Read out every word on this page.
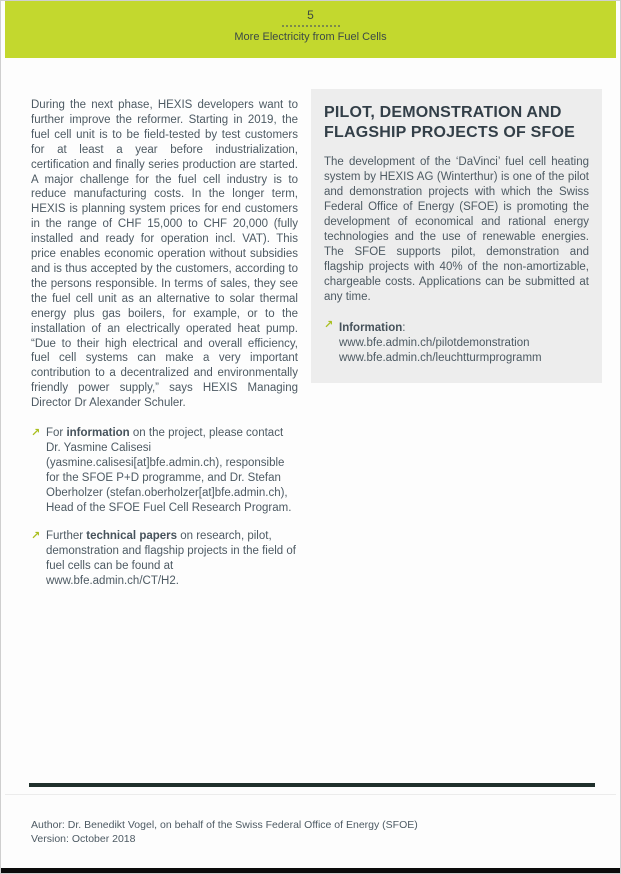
5
More Electricity from Fuel Cells

During the next phase, HEXIS developers want to further improve the reformer. Starting in 2019, the fuel cell unit is to be field-tested by test customers for at least a year before industrialization, certification and finally series production are started. A major challenge for the fuel cell industry is to reduce manufacturing costs. In the longer term, HEXIS is planning system prices for end customers in the range of CHF 15,000 to CHF 20,000 (fully installed and ready for operation incl. VAT). This price enables economic operation without subsidies and is thus accepted by the customers, according to the persons responsible. In terms of sales, they see the fuel cell unit as an alternative to solar thermal energy plus gas boilers, for example, or to the installation of an electrically operated heat pump. “Due to their high electrical and overall efficiency, fuel cell systems can make a very important contribution to a decentralized and environmentally friendly power supply,” says HEXIS Managing Director Dr Alexander Schuler.

↗ For information on the project, please contact
Dr. Yasmine Calisesi (yasmine.calisesi[at]bfe.admin.ch), responsible for the SFOE P+D programme, and Dr. Stefan Oberholzer (stefan.oberholzer[at]bfe.admin.ch), Head of the SFOE Fuel Cell Research Program.
↗ Further technical papers on research, pilot, demonstration and flagship projects in the field of fuel cells can be found at www.bfe.admin.ch/CT/H2.
PILOT, DEMONSTRATION AND
FLAGSHIP PROJECTS OF SFOE

The development of the ‘DaVinci’ fuel cell heating system by HEXIS AG (Winterthur) is one of the pilot and demonstration projects with which the Swiss Federal Office of Energy (SFOE) is promoting the development of economical and rational energy technologies and the use of renewable energies. The SFOE supports pilot, demonstration and flagship projects with 40% of the non-amortizable, chargeable costs. Applications can be submitted at any time.

↗ Information:
www.bfe.admin.ch/pilotdemonstration
www.bfe.admin.ch/leuchtturmprogramm
Author: Dr. Benedikt Vogel, on behalf of the Swiss Federal Office of Energy (SFOE)
Version: October 2018
